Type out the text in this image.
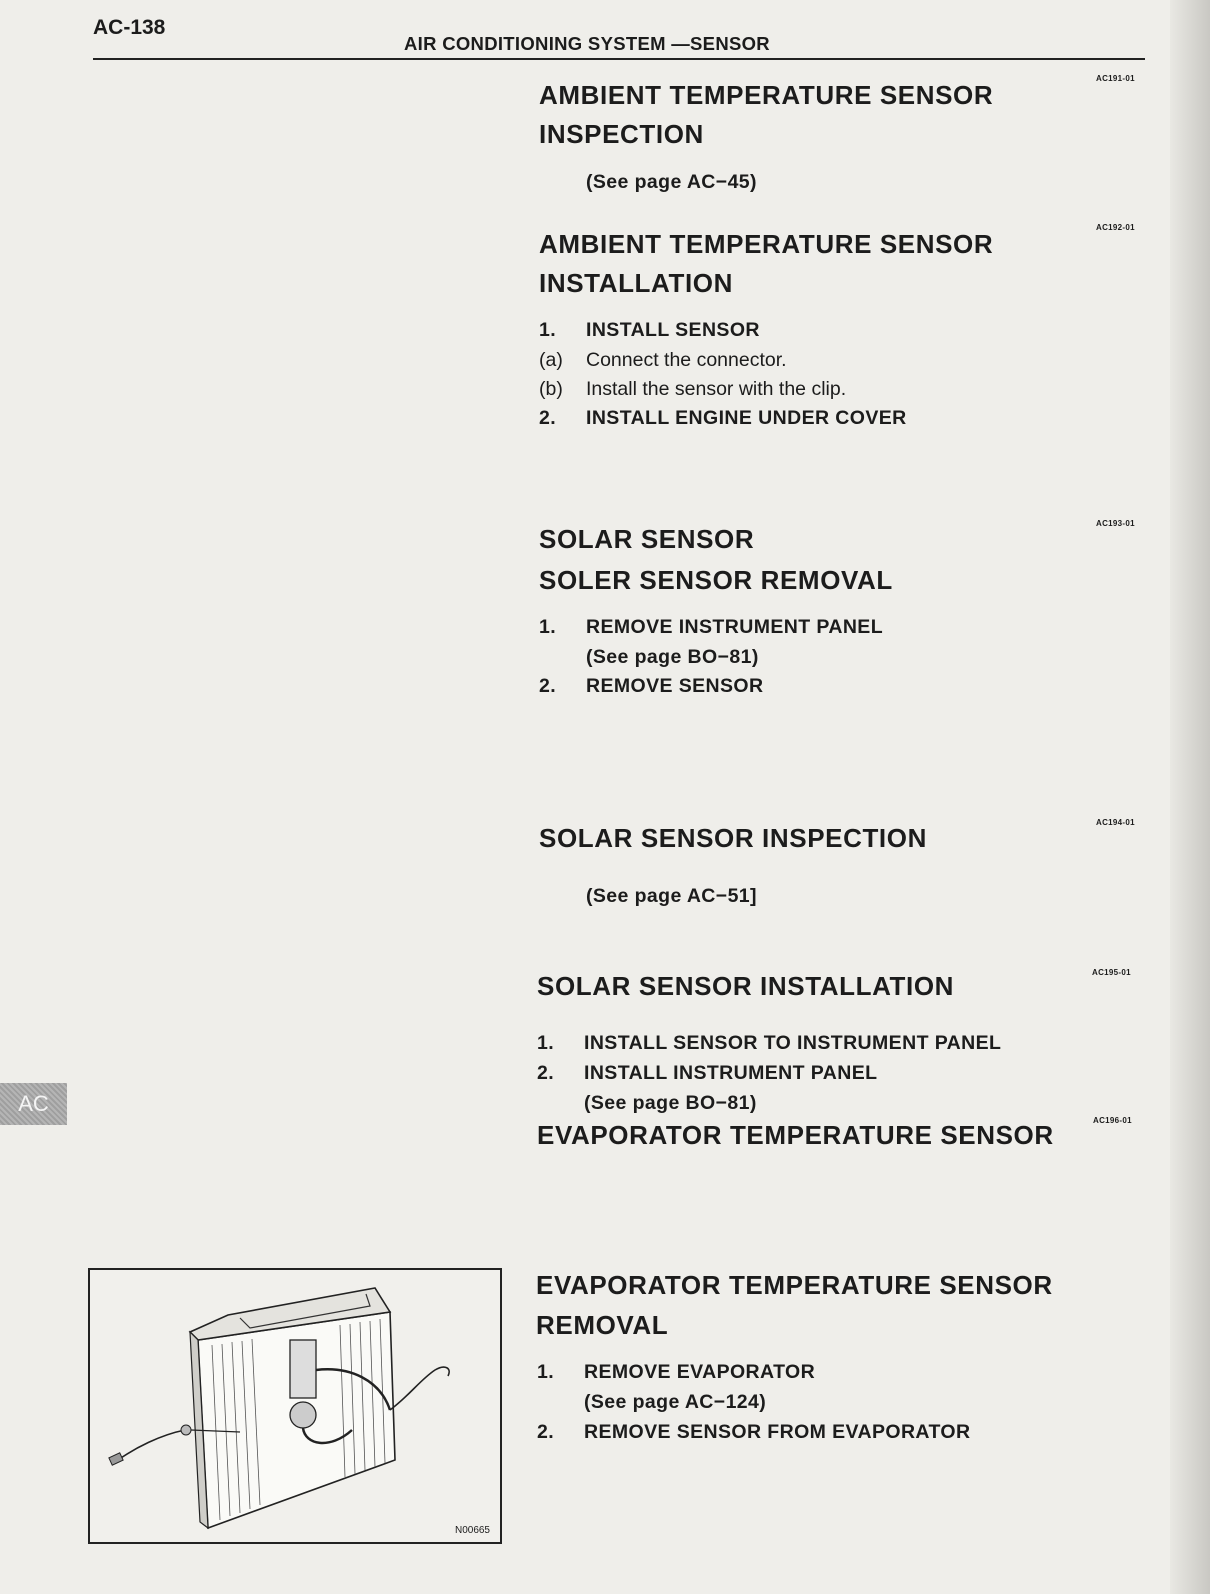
AC-138
AIR CONDITIONING SYSTEM —SENSOR
AC191-01
AMBIENT TEMPERATURE SENSOR
INSPECTION
(See page AC−45)
AC192-01
AMBIENT TEMPERATURE SENSOR
INSTALLATION
1. INSTALL SENSOR
(a) Connect the connector.
(b) Install the sensor with the clip.
2. INSTALL ENGINE UNDER COVER
AC193-01
SOLAR SENSOR
SOLER SENSOR REMOVAL
1. REMOVE INSTRUMENT PANEL
(See page BO−81)
2. REMOVE SENSOR
AC194-01
SOLAR SENSOR INSPECTION
(See page AC−51]
AC195-01
SOLAR SENSOR INSTALLATION
1. INSTALL SENSOR TO INSTRUMENT PANEL
2. INSTALL INSTRUMENT PANEL
(See page BO−81)
AC196-01
EVAPORATOR TEMPERATURE SENSOR
EVAPORATOR TEMPERATURE SENSOR
REMOVAL
1. REMOVE EVAPORATOR
(See page AC−124)
2. REMOVE SENSOR FROM EVAPORATOR
AC
N00665
